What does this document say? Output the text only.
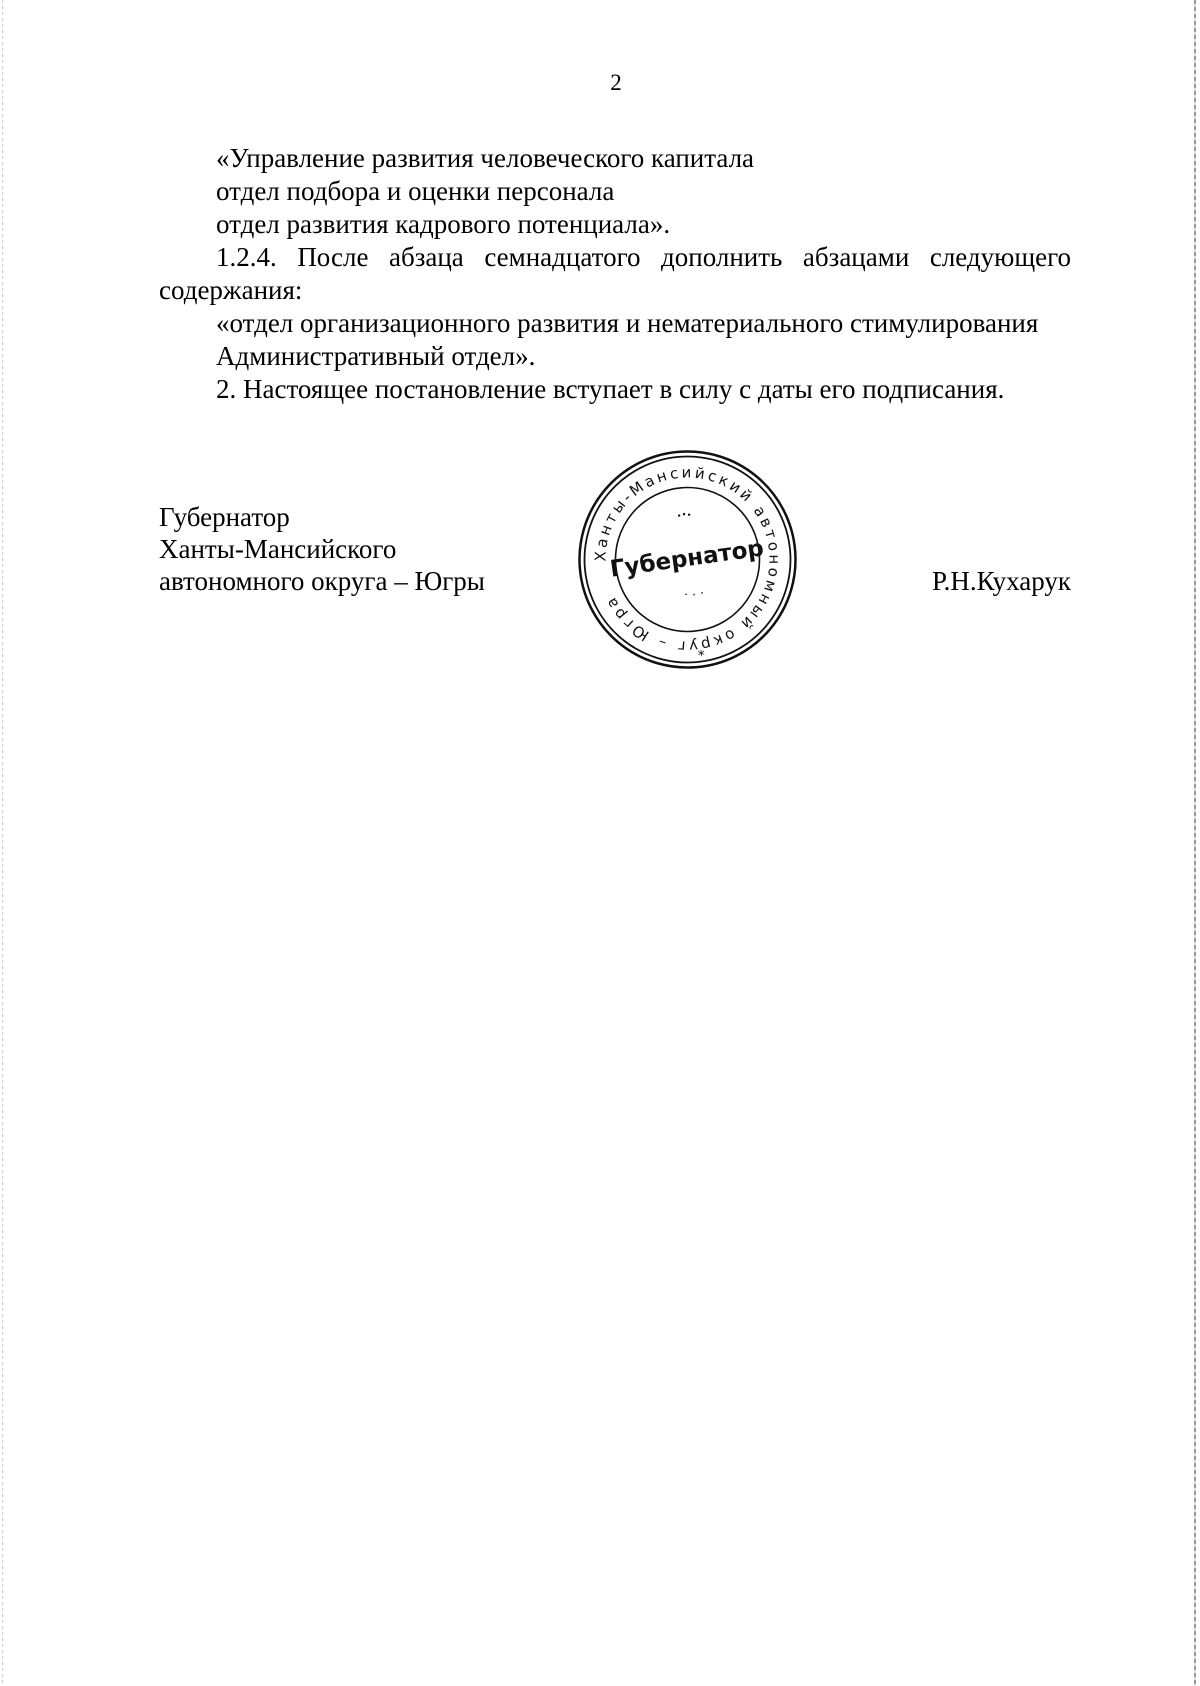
2

«Управление развития человеческого капитала

отдел подбора и оценки персонала

отдел развития кадрового потенциала».

1.2.4. После абзаца семнадцатого дополнить абзацами следующего содержания:

«отдел организационного развития и нематериального стимулирования

Административный отдел».

2. Настоящее постановление вступает в силу с даты его подписания.

Губернатор
Ханты-Мансийского
автономного округа – Югры	Р.Н.Кухарук
Ханты-Мансийский автономный округ – Югра
Губернатор
*
